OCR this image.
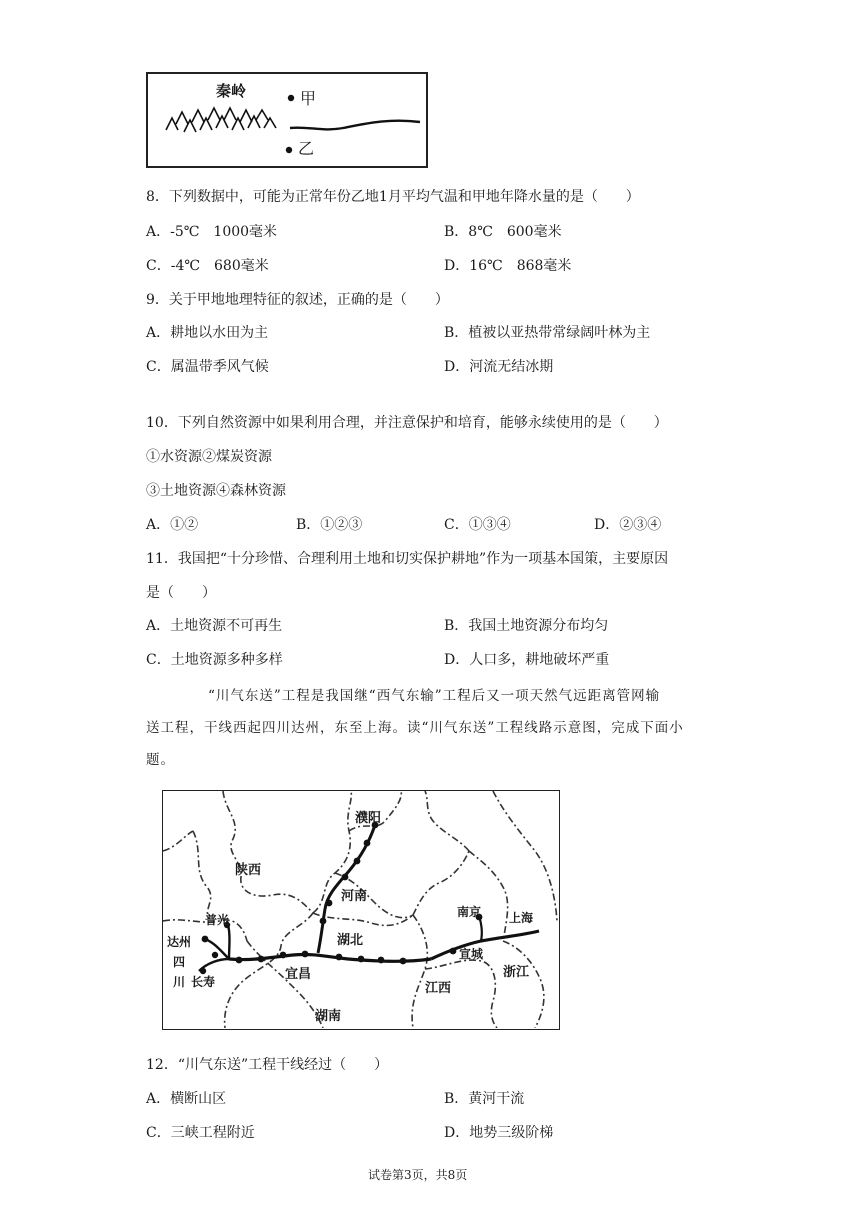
秦岭	甲
乙
8．下列数据中，可能为正常年份乙地1月平均气温和甲地年降水量的是（　　）
A．-5℃　1000毫米	B．8℃　600毫米
C．-4℃　680毫米	D．16℃　868毫米
9．关于甲地地理特征的叙述，正确的是（　　）
A．耕地以水田为主	B．植被以亚热带常绿阔叶林为主
C．属温带季风气候	D．河流无结冰期
10．下列自然资源中如果利用合理，并注意保护和培育，能够永续使用的是（　　）
①水资源②煤炭资源
③土地资源④森林资源
A．①②	B．①②③	C．①③④	D．②③④
11．我国把“十分珍惜、合理利用土地和切实保护耕地”作为一项基本国策，主要原因
是（　　）
A．土地资源不可再生	B．我国土地资源分布均匀
C．土地资源多种多样	D．人口多，耕地破坏严重
“川气东送”工程是我国继“西气东输”工程后又一项天然气远距离管网输
送工程，干线西起四川达州，东至上海。读“川气东送”工程线路示意图，完成下面小
题。
濮阳
陕西
河南
普光
湖北
南京 上海
达州
四
川 长寿	宜昌
宣城
浙江
江西
湖南
12．“川气东送”工程干线经过（　　）
A．横断山区	B．黄河干流
C．三峡工程附近	D．地势三级阶梯
试卷第3页，共8页
